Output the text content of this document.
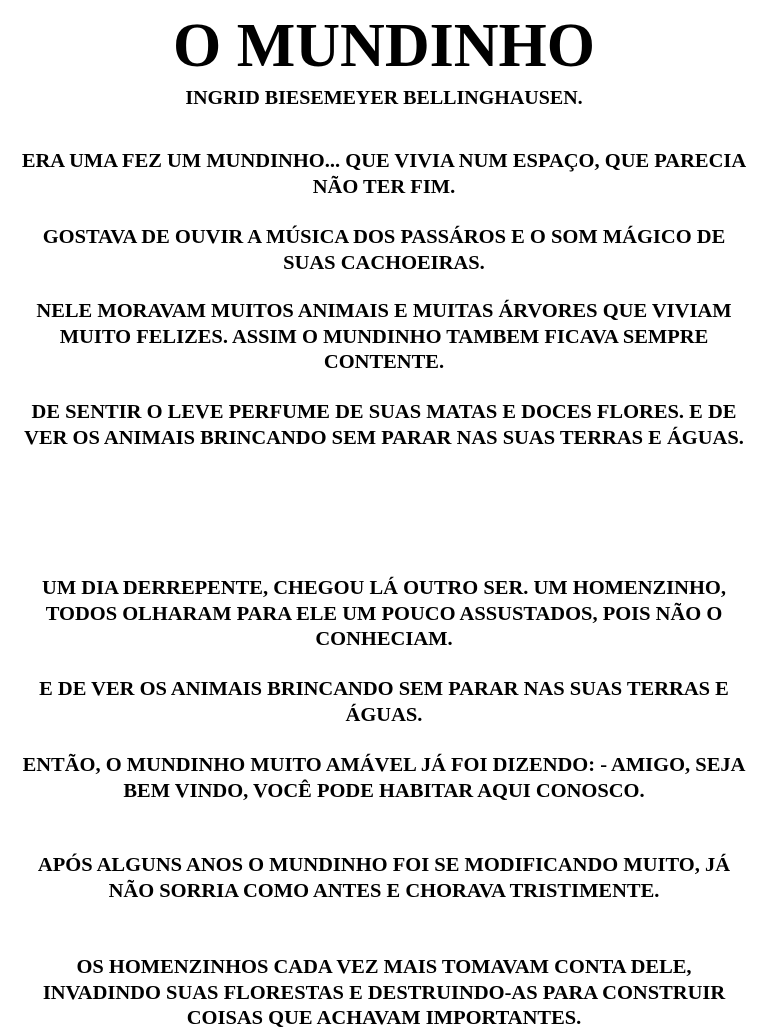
O MUNDINHO
INGRID BIESEMEYER BELLINGHAUSEN.

ERA UMA FEZ UM MUNDINHO... QUE VIVIA NUM ESPAÇO, QUE PARECIA NÃO TER FIM.

GOSTAVA DE OUVIR A MÚSICA DOS PASSÁROS E O SOM MÁGICO DE SUAS CACHOEIRAS.

NELE MORAVAM MUITOS ANIMAIS E MUITAS ÁRVORES QUE VIVIAM MUITO FELIZES. ASSIM O MUNDINHO TAMBEM FICAVA SEMPRE CONTENTE.

DE SENTIR O LEVE PERFUME DE SUAS MATAS E DOCES FLORES. E DE VER OS ANIMAIS BRINCANDO SEM PARAR NAS SUAS TERRAS E ÁGUAS.

UM DIA DERREPENTE, CHEGOU LÁ OUTRO SER. UM HOMENZINHO, TODOS OLHARAM PARA ELE UM POUCO ASSUSTADOS, POIS NÃO O CONHECIAM.

E DE VER OS ANIMAIS BRINCANDO SEM PARAR NAS SUAS TERRAS E ÁGUAS.

ENTÃO, O MUNDINHO MUITO AMÁVEL JÁ FOI DIZENDO: - AMIGO, SEJA BEM VINDO, VOCÊ PODE HABITAR AQUI CONOSCO.

APÓS ALGUNS ANOS O MUNDINHO FOI SE MODIFICANDO MUITO, JÁ NÃO SORRIA COMO ANTES E CHORAVA TRISTIMENTE.

OS HOMENZINHOS CADA VEZ MAIS TOMAVAM CONTA DELE, INVADINDO SUAS FLORESTAS E DESTRUINDO-AS PARA CONSTRUIR COISAS QUE ACHAVAM IMPORTANTES.
